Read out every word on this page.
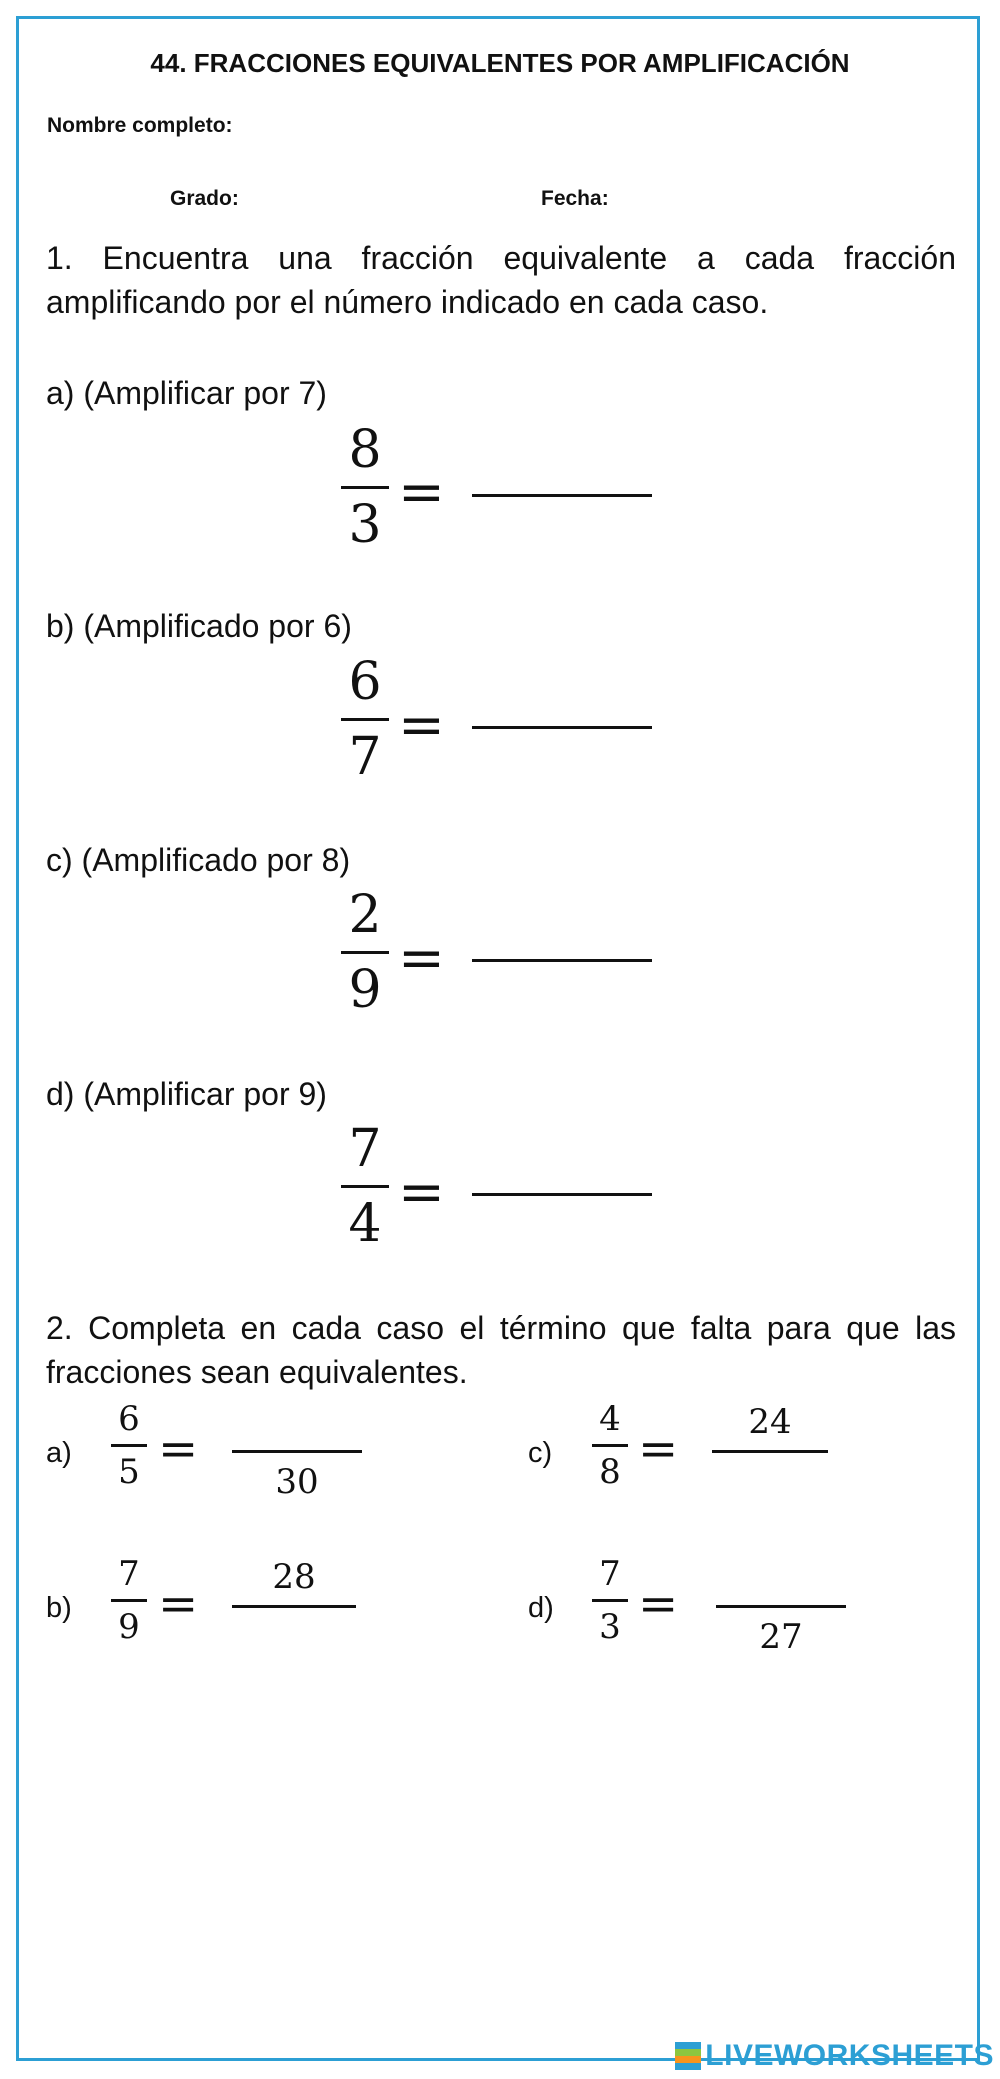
44. FRACCIONES EQUIVALENTES POR AMPLIFICACIÓN
Nombre completo:
Grado:	Fecha:
1. Encuentra una fracción equivalente a cada fracción amplificando por el número indicado en cada caso.
a) (Amplificar por 7)
8
3 =
b) (Amplificado por 6)
6
7 =
c) (Amplificado por 8)
2
9 =
d) (Amplificar por 9)
7
4 =
2. Completa en cada caso el término que falta para que las fracciones sean equivalentes.
a)
6
5 =
30
c)
4
8 =	24
b)
7
9 =	28
d)
7
3 =
27
LIVEWORKSHEETS
